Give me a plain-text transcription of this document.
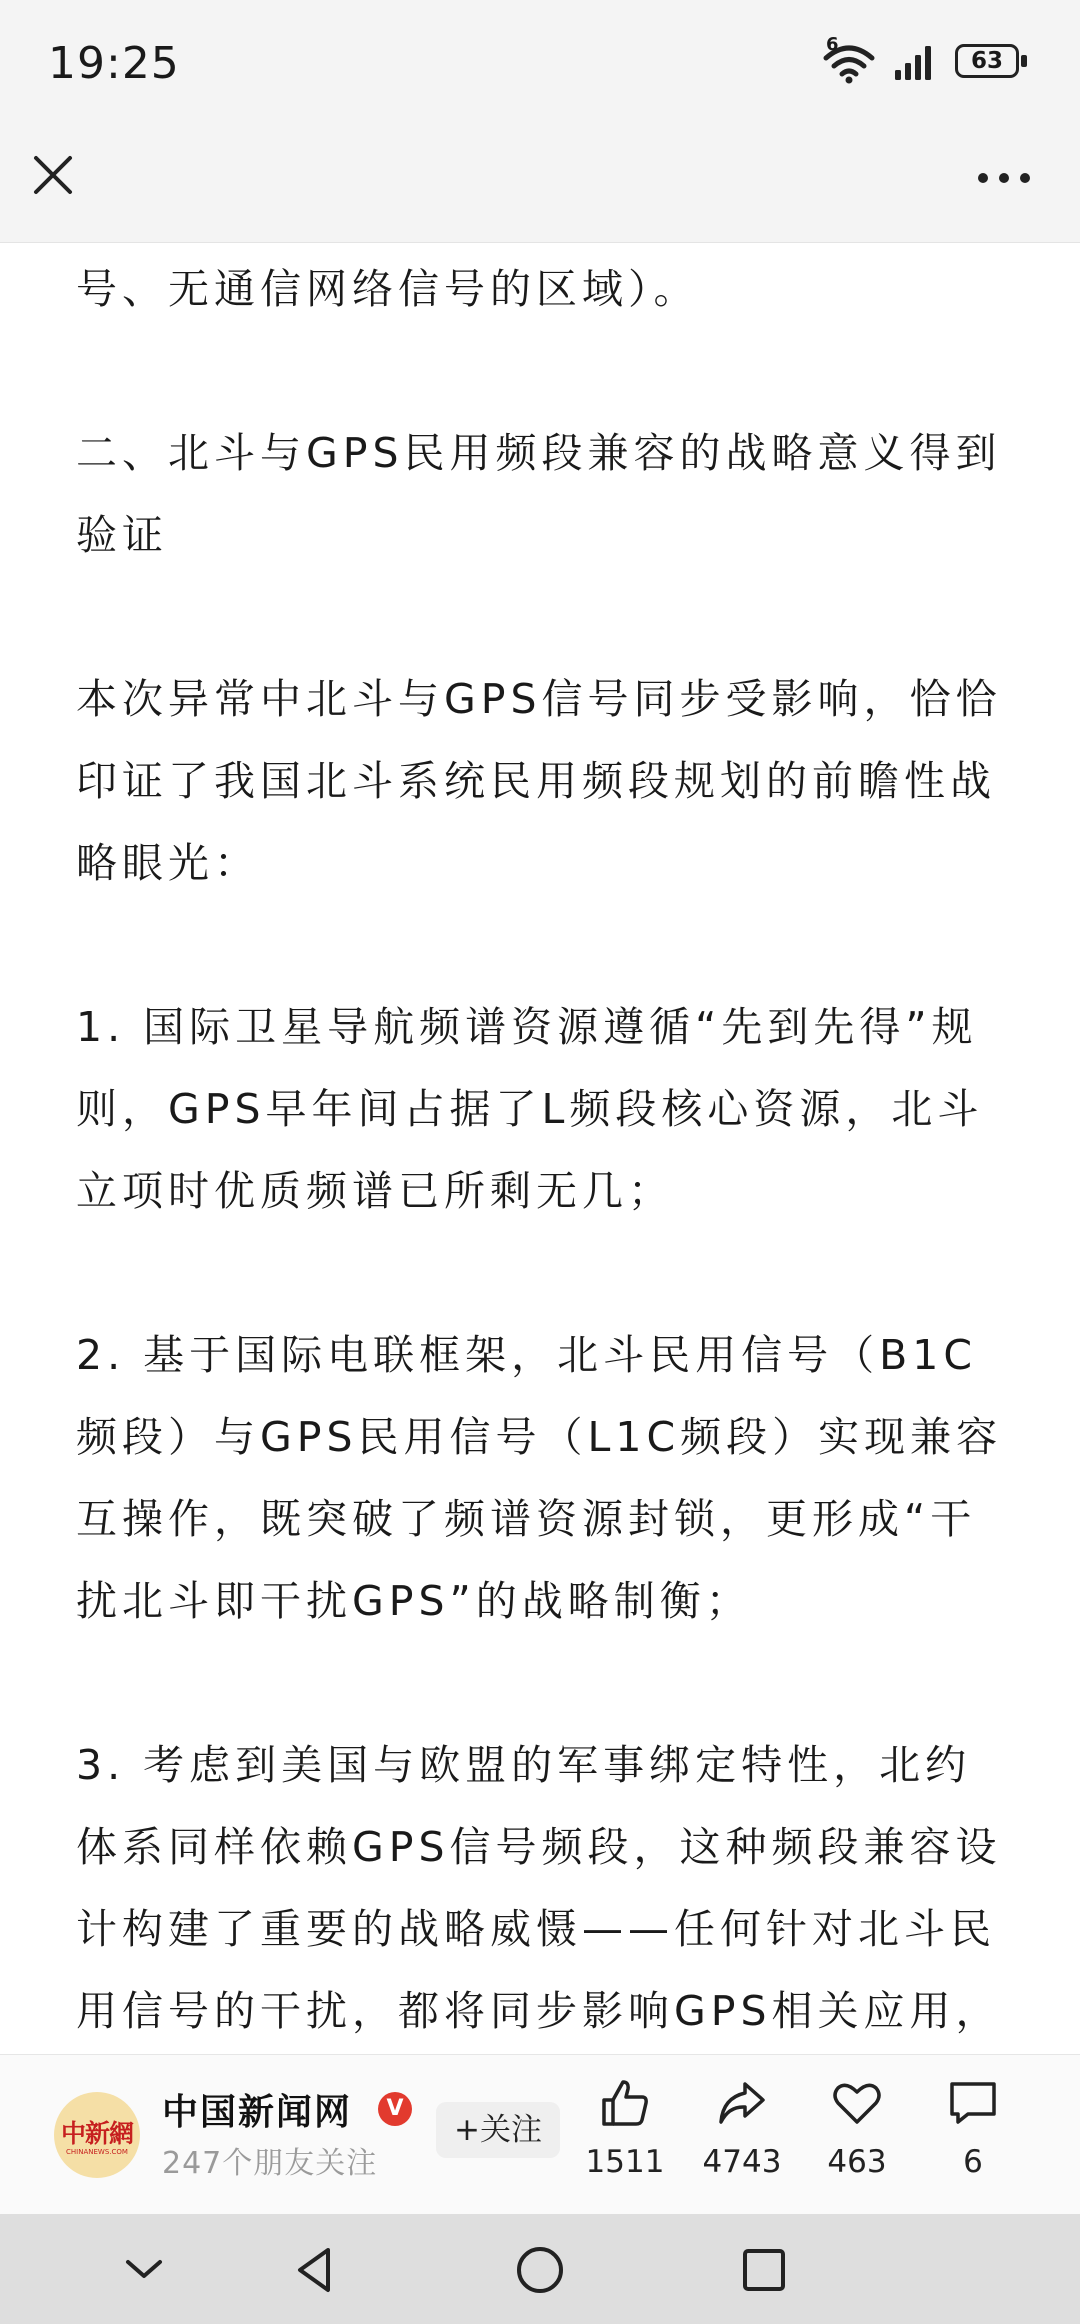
19:25	6
63

号、无通信网络信号的区域）。

二、北斗与GPS民用频段兼容的战略意义得到验证

本次异常中北斗与GPS信号同步受影响，恰恰印证了我国北斗系统民用频段规划的前瞻性战略眼光：

1. 国际卫星导航频谱资源遵循“先到先得”规则，GPS早年间占据了L频段核心资源，北斗立项时优质频谱已所剩无几；

2. 基于国际电联框架，北斗民用信号（B1C频段）与GPS民用信号（L1C频段）实现兼容互操作，既突破了频谱资源封锁，更形成“干扰北斗即干扰GPS”的战略制衡；

3. 考虑到美国与欧盟的军事绑定特性，北约体系同样依赖GPS信号频段，这种频段兼容设计构建了重要的战略威慑——任何针对北斗民用信号的干扰，都将同步影响GPS相关应用，

中新網
CHINANEWS.COM
中国新闻网	V
247个朋友关注
+关注
1511	4743	463	6
